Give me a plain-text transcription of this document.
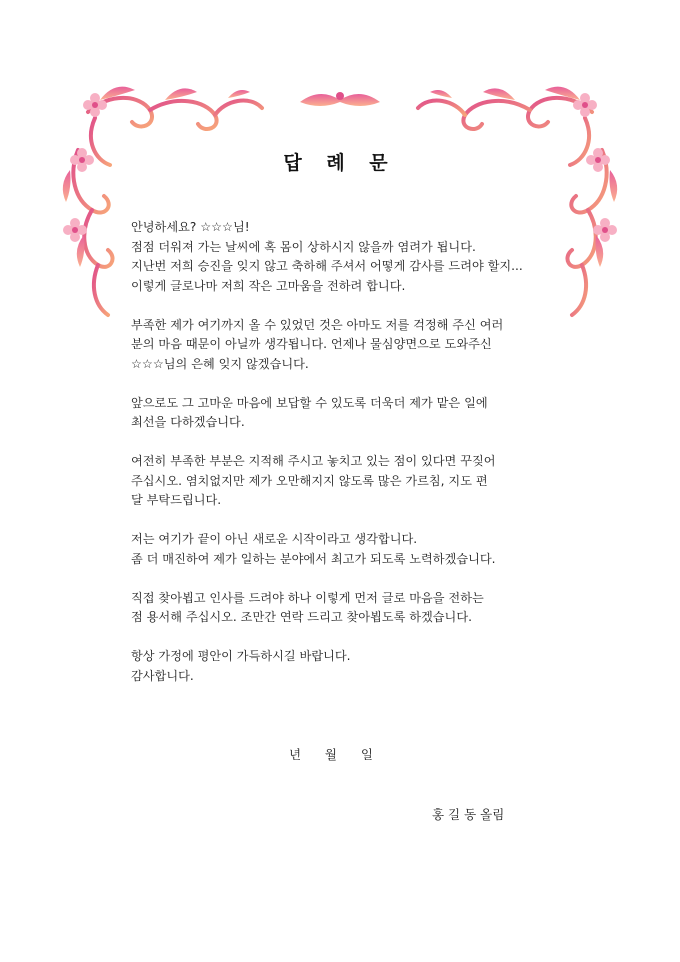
답 례 문

안녕하세요? ☆☆☆님!
점점 더워져 가는 날씨에 혹 몸이 상하시지 않을까 염려가 됩니다.
지난번 저희 승진을 잊지 않고 축하해 주셔서 어떻게 감사를 드려야 할지...
이렇게 글로나마 저희 작은 고마움을 전하려 합니다.

부족한 제가 여기까지 올 수 있었던 것은 아마도 저를 걱정해 주신 여러
분의 마음 때문이 아닐까 생각됩니다. 언제나 물심양면으로 도와주신
☆☆☆님의 은혜 잊지 않겠습니다.

앞으로도 그 고마운 마음에 보답할 수 있도록 더욱더 제가 맡은 일에
최선을 다하겠습니다.

여전히 부족한 부분은 지적해 주시고 놓치고 있는 점이 있다면 꾸짖어
주십시오. 염치없지만 제가 오만해지지 않도록 많은 가르침, 지도 편
달 부탁드립니다.

저는 여기가 끝이 아닌 새로운 시작이라고 생각합니다.
좀 더 매진하여 제가 일하는 분야에서 최고가 되도록 노력하겠습니다.

직접 찾아뵙고 인사를 드려야 하나 이렇게 먼저 글로 마음을 전하는
점 용서해 주십시오. 조만간 연락 드리고 찾아뵙도록 하겠습니다.

항상 가정에 평안이 가득하시길 바랍니다.
감사합니다.

년      월      일
홍 길 동 올림
